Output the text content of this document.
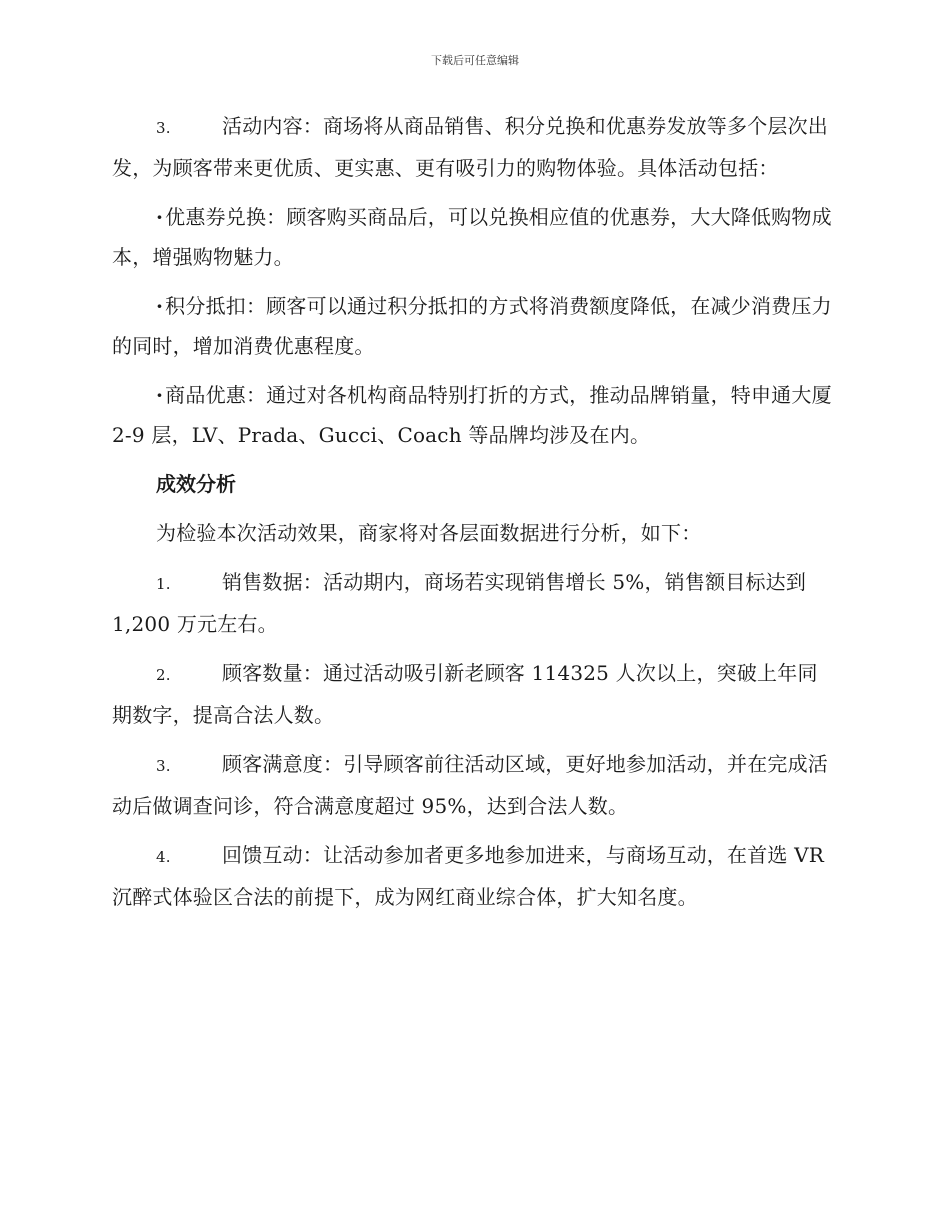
下载后可任意编辑

3.	活动内容：商场将从商品销售、积分兑换和优惠券发放等多个层次出发，为顾客带来更优质、更实惠、更有吸引力的购物体验。具体活动包括：

· 优惠券兑换：顾客购买商品后，可以兑换相应值的优惠券，大大降低购物成本，增强购物魅力。

· 积分抵扣：顾客可以通过积分抵扣的方式将消费额度降低，在减少消费压力的同时，增加消费优惠程度。

· 商品优惠：通过对各机构商品特别打折的方式，推动品牌销量，特申通大厦 2-9 层，LV、Prada、Gucci、Coach 等品牌均涉及在内。

成效分析

为检验本次活动效果，商家将对各层面数据进行分析，如下：

1.	销售数据：活动期内，商场若实现销售增长 5%，销售额目标达到 1,200 万元左右。

2.	顾客数量：通过活动吸引新老顾客 114325 人次以上，突破上年同期数字，提高合法人数。

3.	顾客满意度：引导顾客前往活动区域，更好地参加活动，并在完成活动后做调查问诊，符合满意度超过 95%，达到合法人数。

4.	回馈互动：让活动参加者更多地参加进来，与商场互动，在首选 VR 沉醉式体验区合法的前提下，成为网红商业综合体，扩大知名度。
